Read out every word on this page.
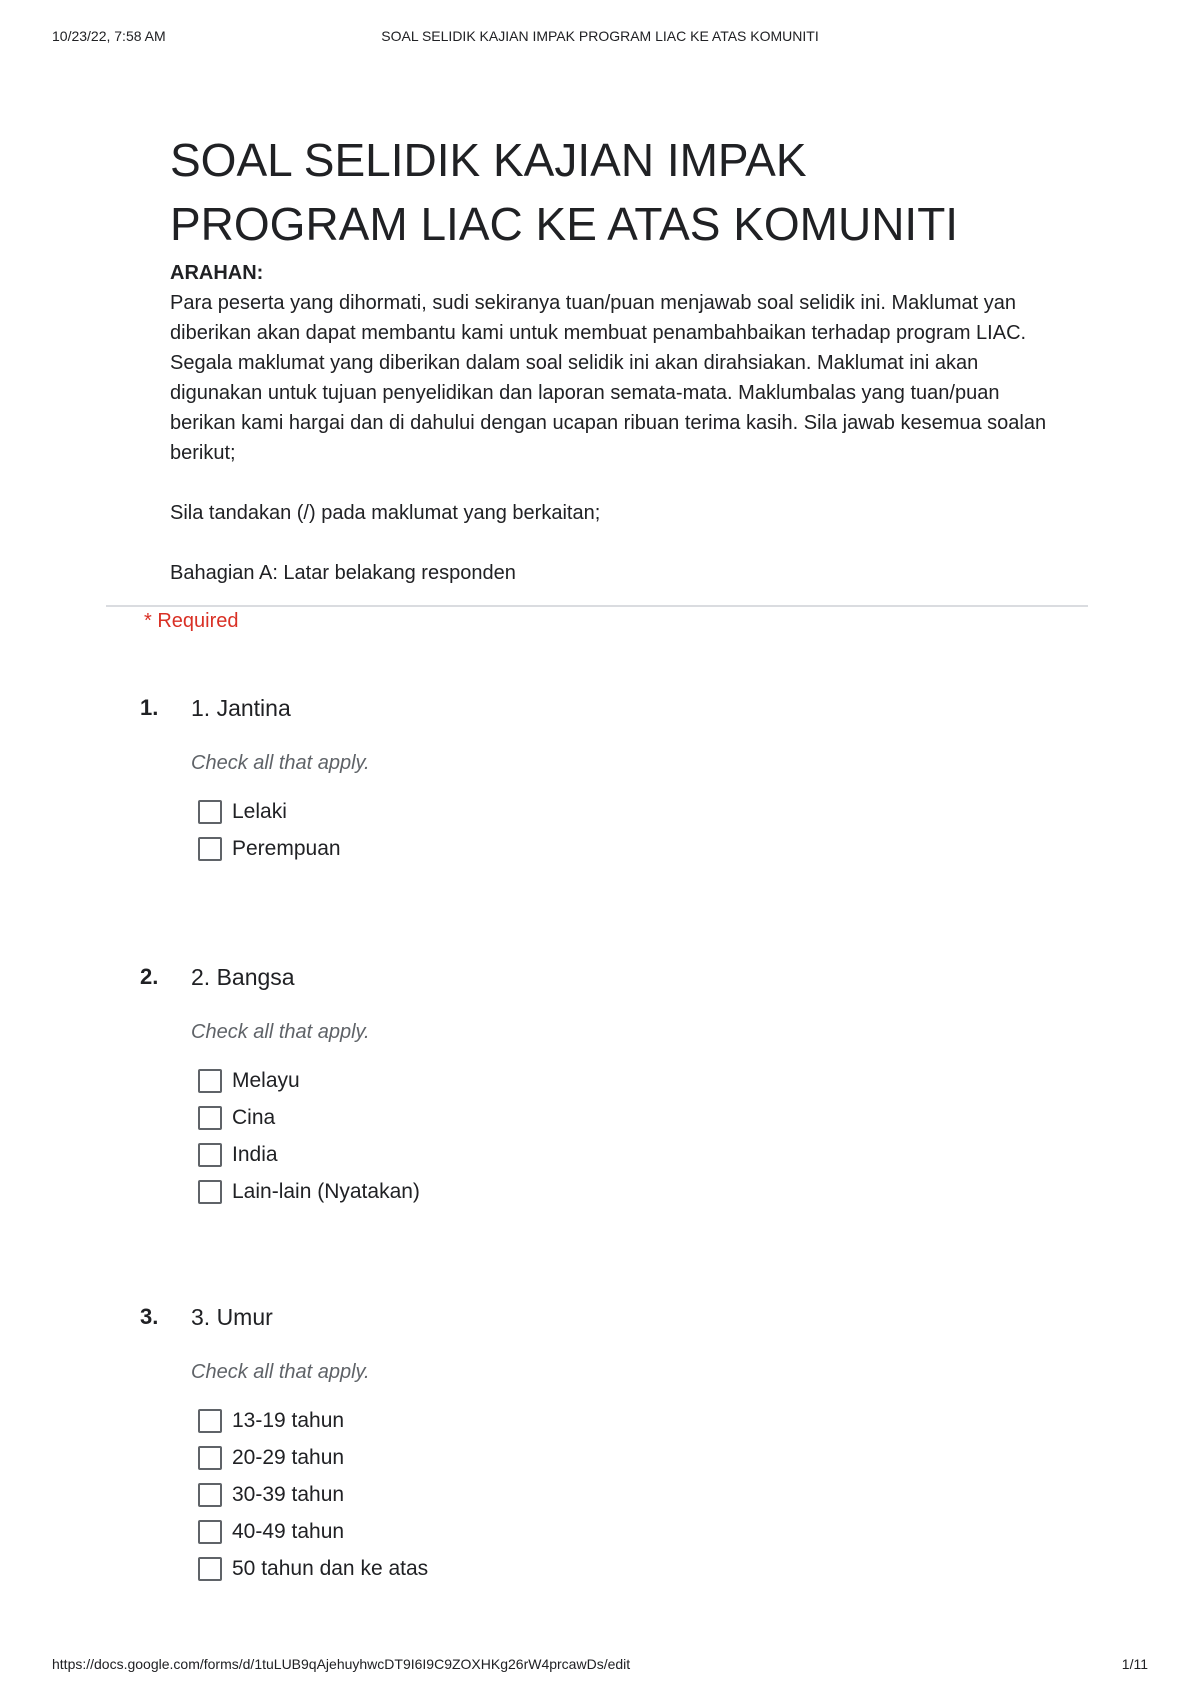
10/23/22, 7:58 AM	SOAL SELIDIK KAJIAN IMPAK PROGRAM LIAC KE ATAS KOMUNITI
SOAL SELIDIK KAJIAN IMPAK
PROGRAM LIAC KE ATAS KOMUNITI
ARAHAN:

Para peserta yang dihormati, sudi sekiranya tuan/puan menjawab soal selidik ini. Maklumat yan diberikan akan dapat membantu kami untuk membuat penambahbaikan terhadap program LIAC. Segala maklumat yang diberikan dalam soal selidik ini akan dirahsiakan. Maklumat ini akan digunakan untuk tujuan penyelidikan dan laporan semata-mata. Maklumbalas yang tuan/puan berikan kami hargai dan di dahului dengan ucapan ribuan terima kasih. Sila jawab kesemua soalan berikut;

Sila tandakan (/) pada maklumat yang berkaitan;

Bahagian A: Latar belakang responden

* Required
1. 1. Jantina
Check all that apply.
Lelaki
Perempuan
2. 2. Bangsa
Check all that apply.
Melayu
Cina
India
Lain-lain (Nyatakan)
3. 3. Umur
Check all that apply.
13-19 tahun
20-29 tahun
30-39 tahun
40-49 tahun
50 tahun dan ke atas
https://docs.google.com/forms/d/1tuLUB9qAjehuyhwcDT9I6I9C9ZOXHKg26rW4prcawDs/edit	1/11
